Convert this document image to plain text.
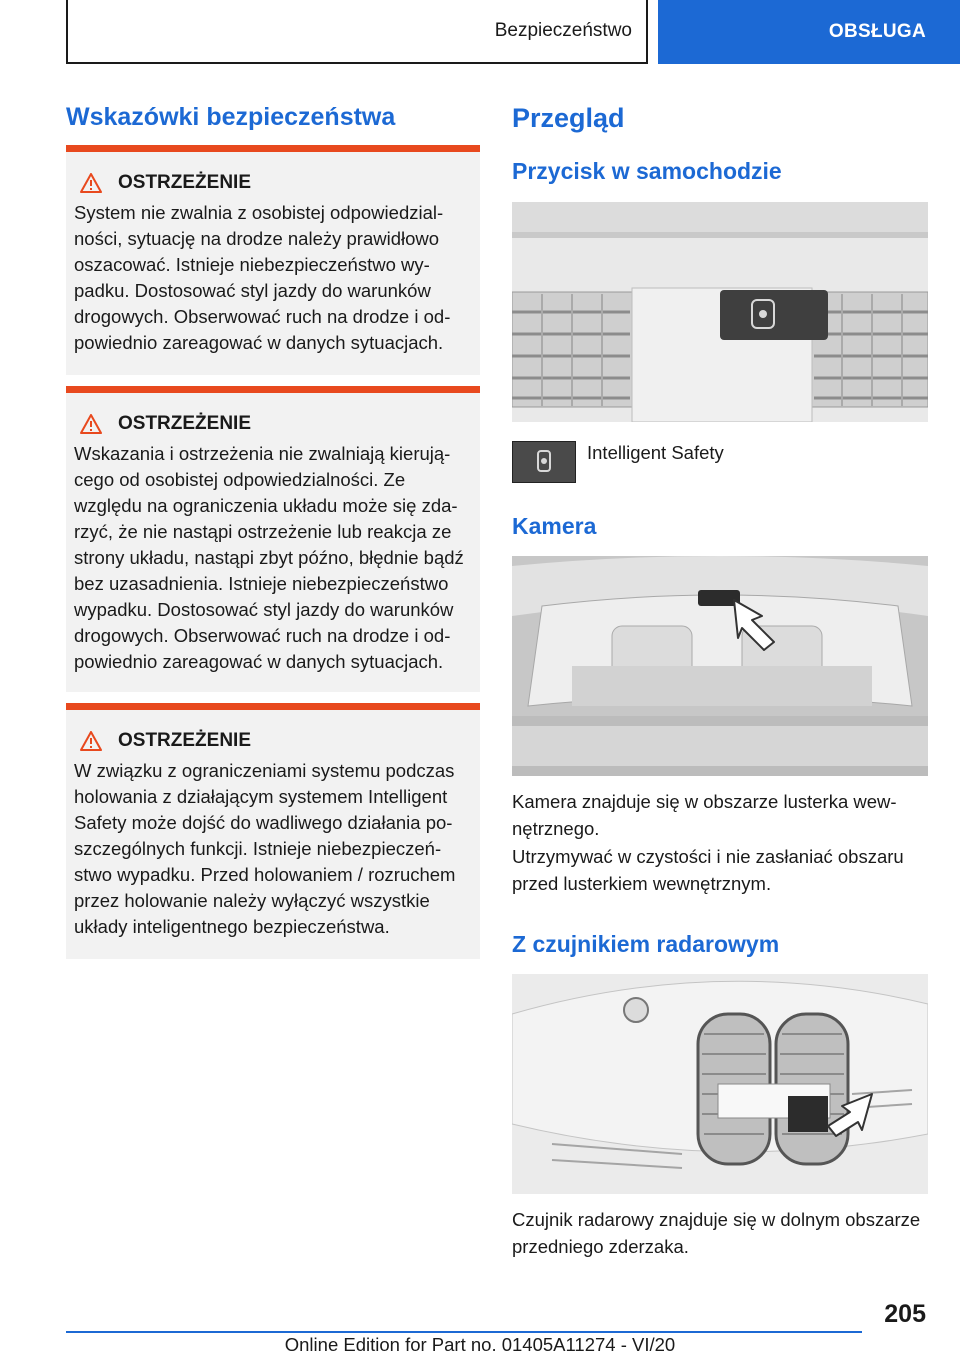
Bezpieczeństwo	OBSŁUGA
Wskazówki bezpieczeństwa
OSTRZEŻENIE
System nie zwalnia z osobistej odpowiedzial-
ności, sytuację na drodze należy prawidłowo
oszacować. Istnieje niebezpieczeństwo wy-
padku. Dostosować styl jazdy do warunków
drogowych. Obserwować ruch na drodze i od-
powiednio zareagować w danych sytuacjach.
OSTRZEŻENIE
Wskazania i ostrzeżenia nie zwalniają kierują-
cego od osobistej odpowiedzialności. Ze
względu na ograniczenia układu może się zda-
rzyć, że nie nastąpi ostrzeżenie lub reakcja ze
strony układu, nastąpi zbyt późno, błędnie bądź
bez uzasadnienia. Istnieje niebezpieczeństwo
wypadku. Dostosować styl jazdy do warunków
drogowych. Obserwować ruch na drodze i od-
powiednio zareagować w danych sytuacjach.
OSTRZEŻENIE
W związku z ograniczeniami systemu podczas
holowania z działającym systemem Intelligent
Safety może dojść do wadliwego działania po-
szczególnych funkcji. Istnieje niebezpieczeń-
stwo wypadku. Przed holowaniem / rozruchem
przez holowanie należy wyłączyć wszystkie
układy inteligentnego bezpieczeństwa.
Przegląd
Przycisk w samochodzie
Intelligent Safety
Kamera
Kamera znajduje się w obszarze lusterka wew-
nętrznego.
Utrzymywać w czystości i nie zasłaniać obszaru
przed lusterkiem wewnętrznym.
Z czujnikiem radarowym
Czujnik radarowy znajduje się w dolnym obszarze
przedniego zderzaka.
205
Online Edition for Part no. 01405A11274 - VI/20
